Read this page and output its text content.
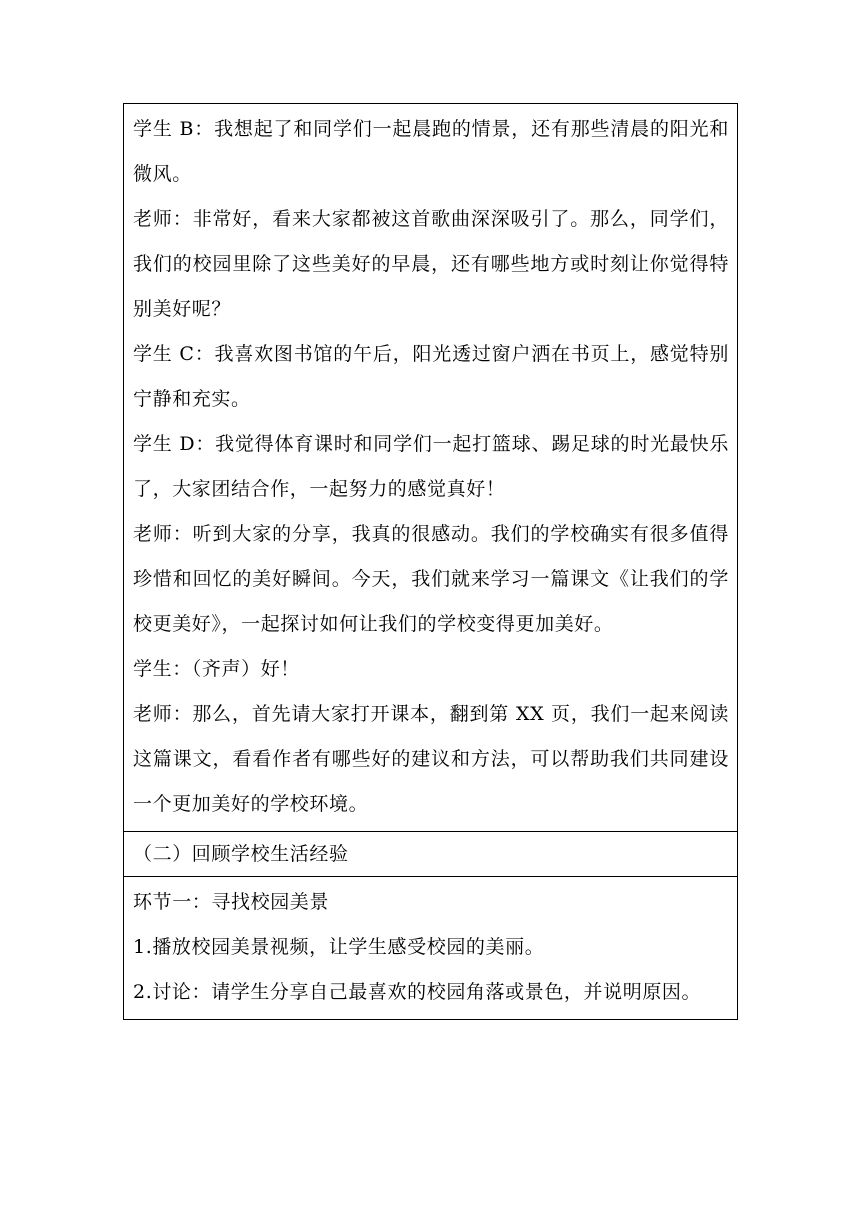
学生 B：我想起了和同学们一起晨跑的情景，还有那些清晨的阳光和微风。

老师：非常好，看来大家都被这首歌曲深深吸引了。那么，同学们，我们的校园里除了这些美好的早晨，还有哪些地方或时刻让你觉得特别美好呢？

学生 C：我喜欢图书馆的午后，阳光透过窗户洒在书页上，感觉特别宁静和充实。

学生 D：我觉得体育课时和同学们一起打篮球、踢足球的时光最快乐了，大家团结合作，一起努力的感觉真好！

老师：听到大家的分享，我真的很感动。我们的学校确实有很多值得珍惜和回忆的美好瞬间。今天，我们就来学习一篇课文《让我们的学校更美好》，一起探讨如何让我们的学校变得更加美好。

学生：（齐声）好！

老师：那么，首先请大家打开课本，翻到第 XX 页，我们一起来阅读这篇课文，看看作者有哪些好的建议和方法，可以帮助我们共同建设一个更加美好的学校环境。

（二）回顾学校生活经验

环节一：寻找校园美景

1.播放校园美景视频，让学生感受校园的美丽。

2.讨论：请学生分享自己最喜欢的校园角落或景色，并说明原因。
